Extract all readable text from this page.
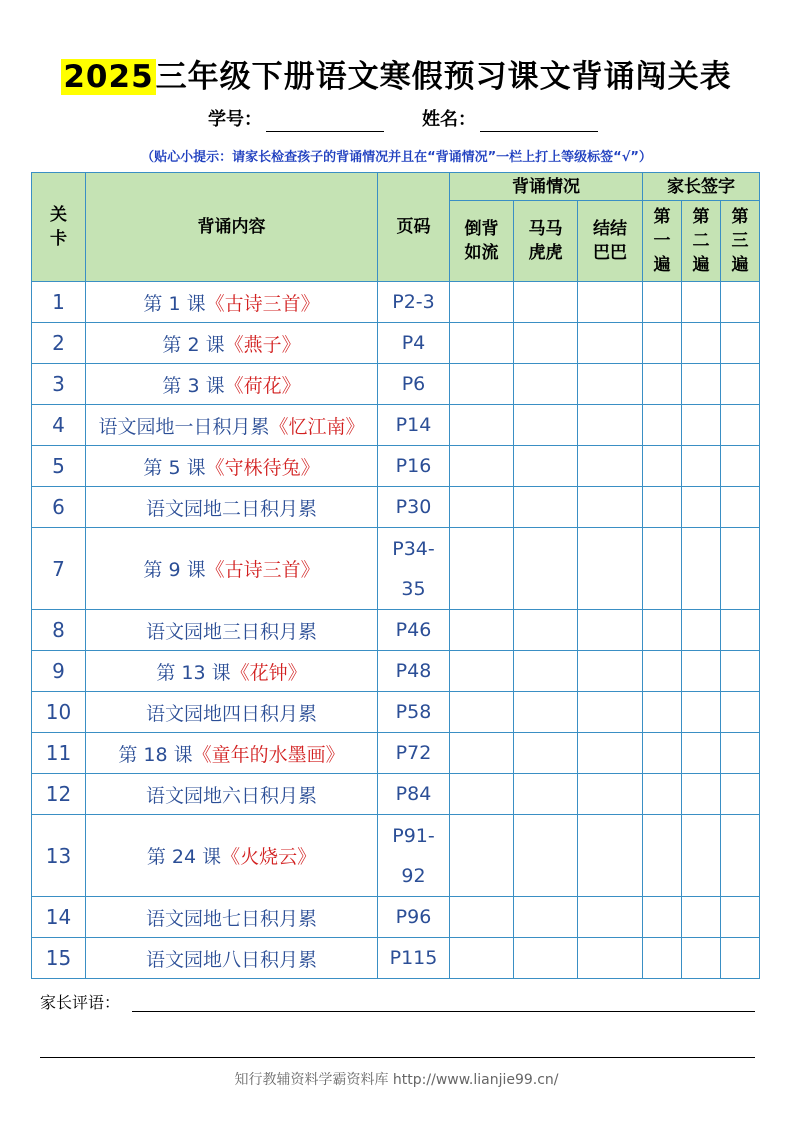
2025三年级下册语文寒假预习课文背诵闯关表
学号：	姓名：
（贴心小提示：请家长检查孩子的背诵情况并且在“背诵情况”一栏上打上等级标签“√”）
关卡	背诵内容	页码	背诵情况			家长签字		
			倒背如流	马马虎虎	结结巴巴	第一遍	第二遍	第三遍
1	第 1 课《古诗三首》	P2-3						
2	第 2 课《燕子》	P4						
3	第 3 课《荷花》	P6						
4	语文园地一日积月累《忆江南》	P14						
5	第 5 课《守株待兔》	P16						
6	语文园地二日积月累	P30						
7	第 9 课《古诗三首》	P34-35						
8	语文园地三日积月累	P46						
9	第 13 课《花钟》	P48						
10	语文园地四日积月累	P58						
11	第 18 课《童年的水墨画》	P72						
12	语文园地六日积月累	P84						
13	第 24 课《火烧云》	P91-92						
14	语文园地七日积月累	P96						
15	语文园地八日积月累	P115						
家长评语：
知行教辅资料学霸资料库 http://www.lianjie99.cn/
